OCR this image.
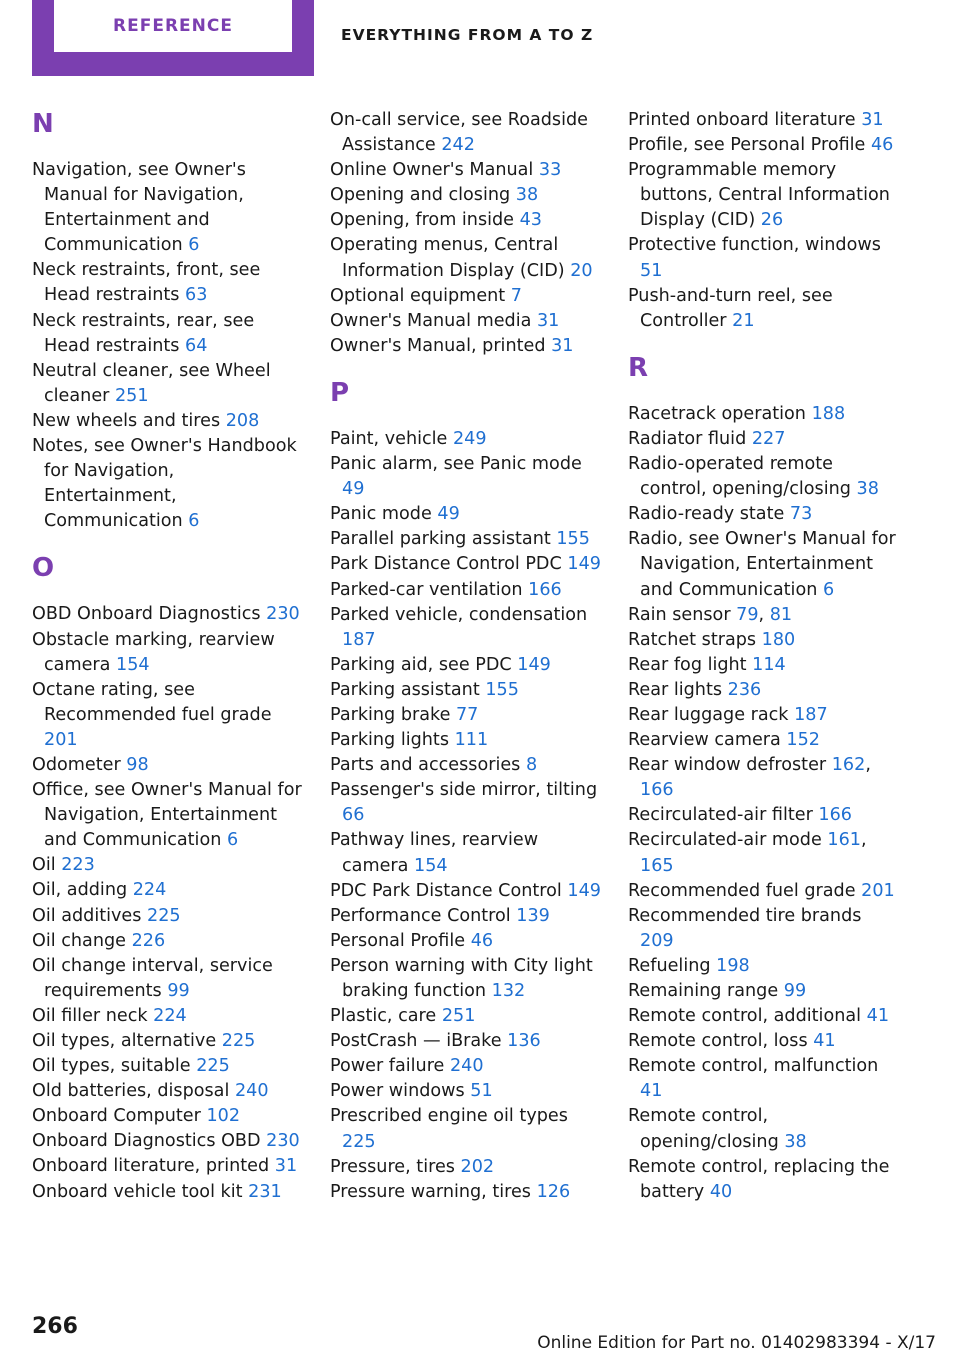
REFERENCE	EVERYTHING FROM A TO Z
N

Navigation, see Owner's Manual for Navigation, Entertainment and Communication 6

Neck restraints, front, see Head restraints 63

Neck restraints, rear, see Head restraints 64

Neutral cleaner, see Wheel cleaner 251

New wheels and tires 208

Notes, see Owner's Handbook for Navigation, Entertainment, Communication 6

O

OBD Onboard Diagnostics 230

Obstacle marking, rearview camera 154

Octane rating, see Recommended fuel grade 201

Odometer 98

Office, see Owner's Manual for Navigation, Entertainment and Communication 6

Oil 223

Oil, adding 224

Oil additives 225

Oil change 226

Oil change interval, service requirements 99

Oil filler neck 224

Oil types, alternative 225

Oil types, suitable 225

Old batteries, disposal 240

Onboard Computer 102

Onboard Diagnostics OBD 230

Onboard literature, printed 31

Onboard vehicle tool kit 231

On-call service, see Roadside Assistance 242

Online Owner's Manual 33

Opening and closing 38

Opening, from inside 43

Operating menus, Central Information Display (CID) 20

Optional equipment 7

Owner's Manual media 31

Owner's Manual, printed 31

P

Paint, vehicle 249

Panic alarm, see Panic mode 49

Panic mode 49

Parallel parking assistant 155

Park Distance Control PDC 149

Parked-car ventilation 166

Parked vehicle, condensation 187

Parking aid, see PDC 149

Parking assistant 155

Parking brake 77

Parking lights 111

Parts and accessories 8

Passenger's side mirror, tilting 66

Pathway lines, rearview camera 154

PDC Park Distance Control 149

Performance Control 139

Personal Profile 46

Person warning with City light braking function 132

Plastic, care 251

PostCrash — iBrake 136

Power failure 240

Power windows 51

Prescribed engine oil types 225

Pressure, tires 202

Pressure warning, tires 126

Printed onboard literature 31

Profile, see Personal Profile 46

Programmable memory buttons, Central Information Display (CID) 26

Protective function, windows 51

Push-and-turn reel, see Controller 21

R

Racetrack operation 188

Radiator fluid 227

Radio-operated remote control, opening/closing 38

Radio-ready state 73

Radio, see Owner's Manual for Navigation, Entertainment and Communication 6

Rain sensor 79, 81

Ratchet straps 180

Rear fog light 114

Rear lights 236

Rear luggage rack 187

Rearview camera 152

Rear window defroster 162, 166

Recirculated-air filter 166

Recirculated-air mode 161, 165

Recommended fuel grade 201

Recommended tire brands 209

Refueling 198

Remaining range 99

Remote control, additional 41

Remote control, loss 41

Remote control, malfunction 41

Remote control, opening/closing 38

Remote control, replacing the battery 40

266
Online Edition for Part no. 01402983394 - X/17
